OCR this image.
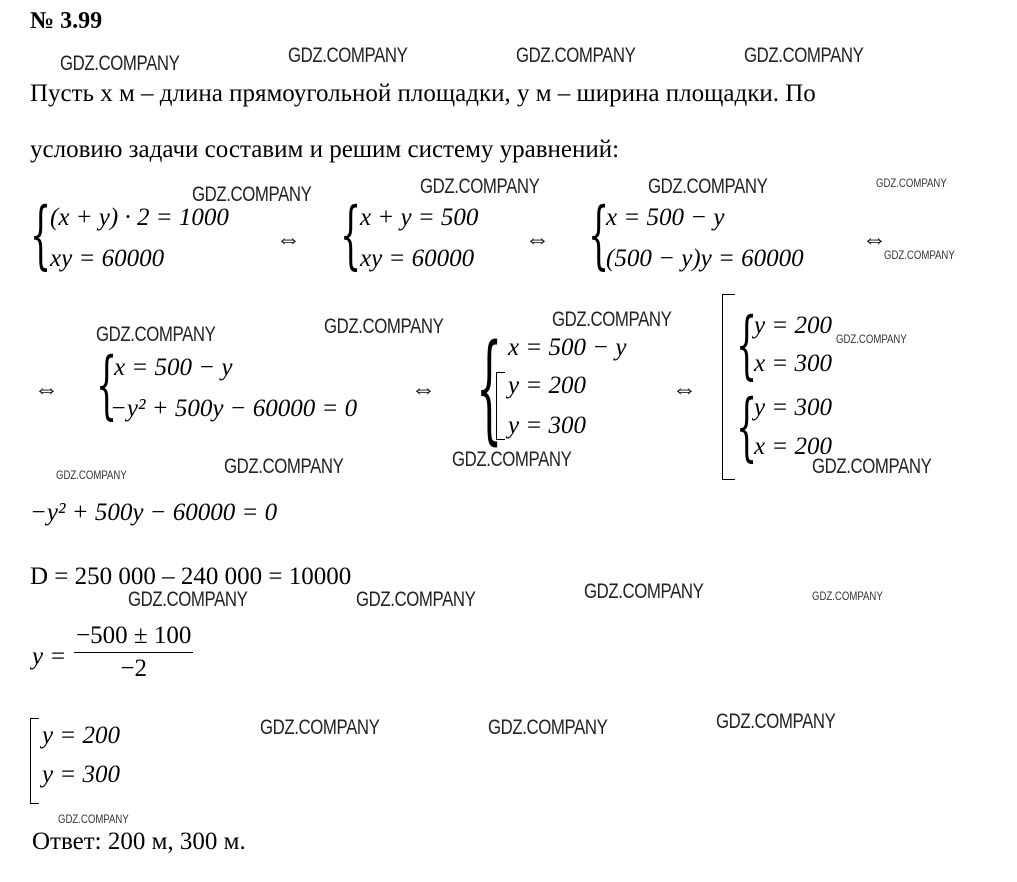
№ 3.99
GDZ.COMPANY	GDZ.COMPANY	GDZ.COMPANY	GDZ.COMPANY
Пусть х м – длина прямоугольной площадки, у м – ширина площадки. По
условию задачи составим и решим систему уравнений:
GDZ.COMPANY	GDZ.COMPANY	GDZ.COMPANY	GDZ.COMPANY
GDZ.COMPANY
{
(x + y) · 2 = 1000
xy = 60000
⇔ {
x + y = 500
xy = 60000
⇔ {
x = 500 − y
(500 − y)y = 60000
⇔
GDZ.COMPANY	GDZ.COMPANY	GDZ.COMPANY
GDZ.COMPANY
⇔ {
x = 500 − y
−y² + 500y − 60000 = 0
⇔ { x = 500 − y
y = 200
y = 300
⇔
{
y = 200
x = 300
{
y = 300
x = 200
GDZ.COMPANY	GDZ.COMPANY	GDZ.COMPANY	GDZ.COMPANY
−y² + 500y − 60000 = 0
D = 250 000 – 240 000 = 10000
GDZ.COMPANY	GDZ.COMPANY	GDZ.COMPANY	GDZ.COMPANY
$y = \frac{-500 \pm 100}{-2}$
y = 200
y = 300
GDZ.COMPANY	GDZ.COMPANY	GDZ.COMPANY
GDZ.COMPANY
Ответ: 200 м, 300 м.
